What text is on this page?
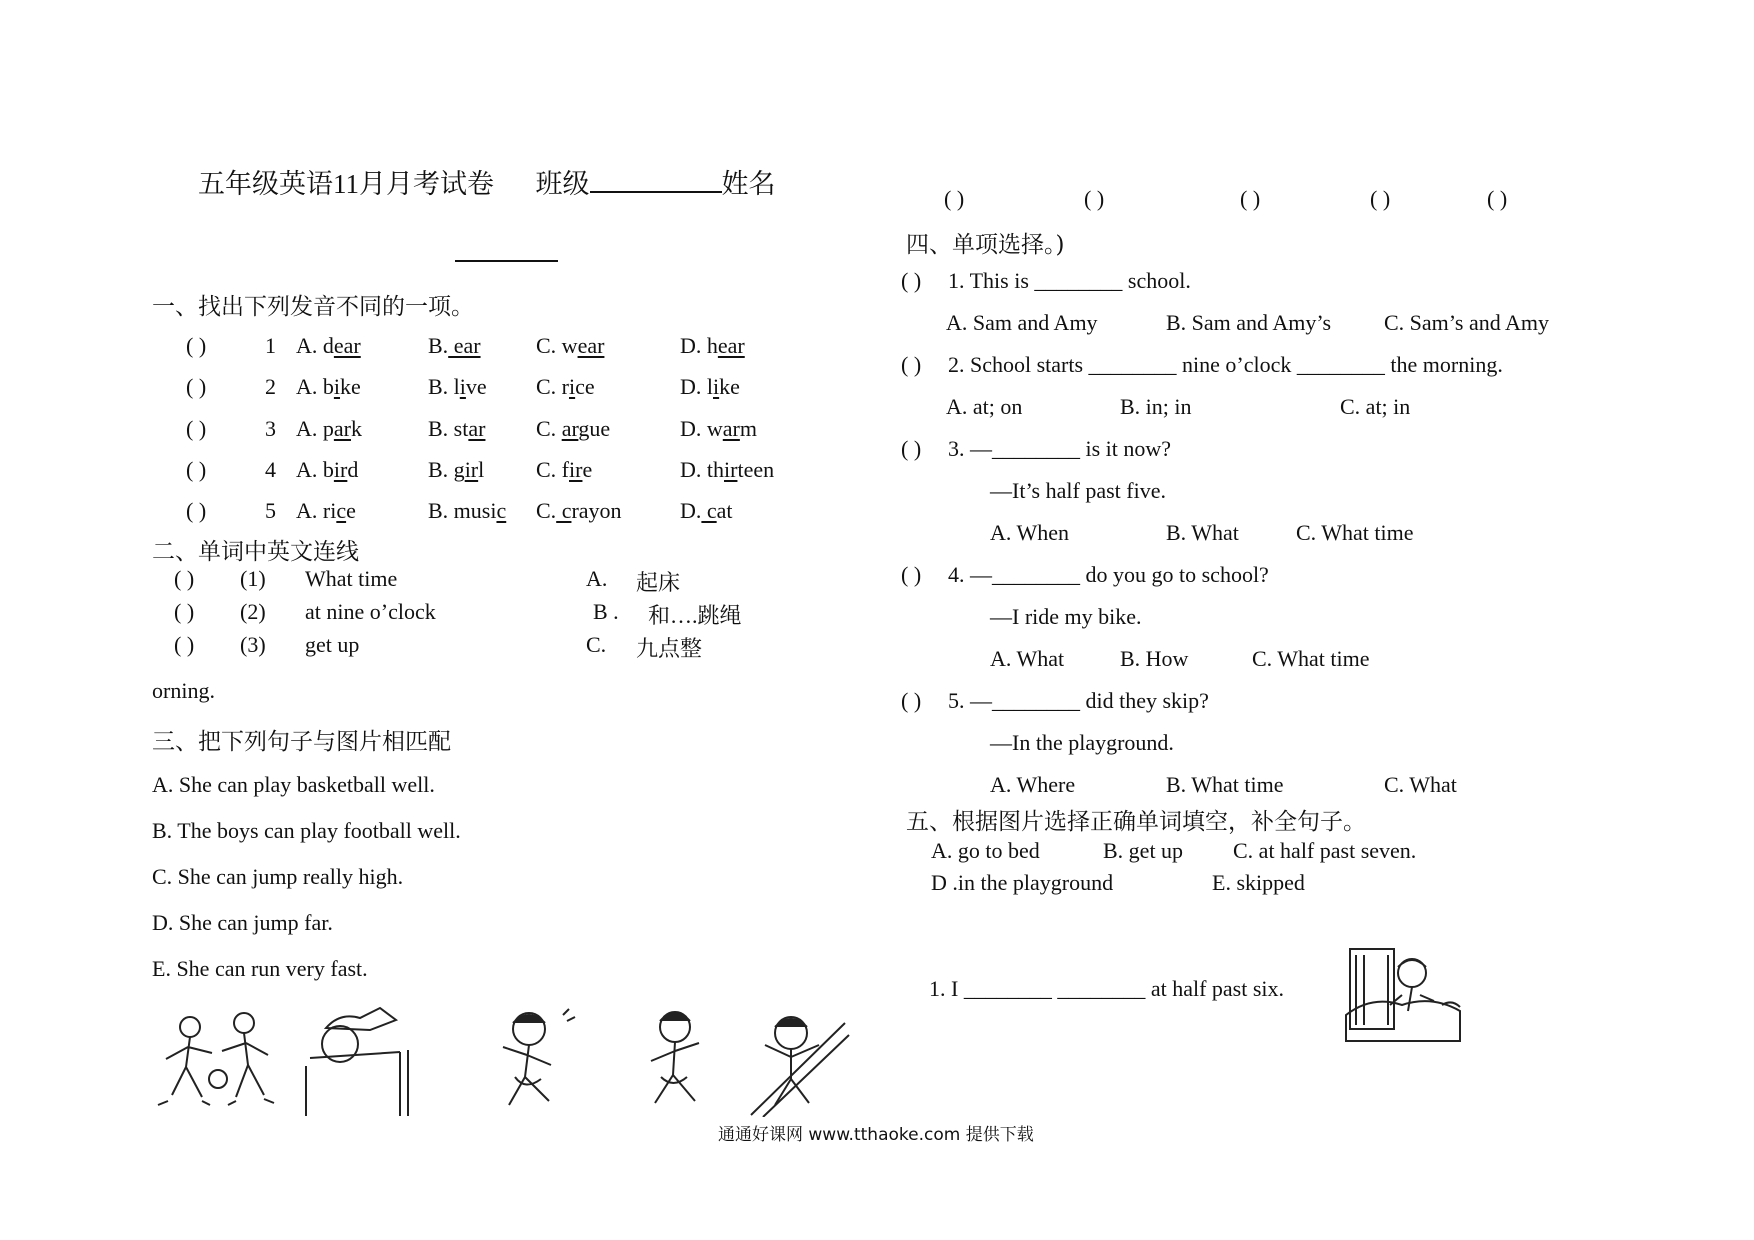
五年级英语11月月考试卷 班级	姓名
一、找出下列发音不同的一项。
( )	1 A. dear	B. ear	C. wear	D. hear
( )	2 A. bike	B. live C. rice	D. like
( )	3 A. park	B. star C. argue	D. warm
( )	4 A. bird	B. girl C. fire	D. thirteen
( )	5 A. rice	B. music C. crayon	D. cat
二、单词中英文连线
( ) (1) What time	A. 起床
( ) (2) at nine o’clock	B . 和….跳绳
( ) (3) get up	C. 九点整
orning.
三、把下列句子与图片相匹配
A. She can play basketball well.
B. The boys can play football well.
C. She can jump really high.
D. She can jump far.
E. She can run very fast.
( )	( )	( )	( )	( )
四、单项选择。)
( ) 1. This is ________ school.
A. Sam and Amy	B. Sam and Amy’s C. Sam’s and Amy
( ) 2. School starts ________ nine o’clock ________ the morning.
A. at; on	B. in; in	C. at; in
( ) 3. —________ is it now?
—It’s half past five.
A. When	B. What	C. What time
( ) 4. —________ do you go to school?
—I ride my bike.
A. What	B. How	C. What time
( ) 5. —________ did they skip?
—In the playground.
A. Where	B. What time	C. What
五、根据图片选择正确单词填空，补全句子。
A. go to bed	B. get up C. at half past seven.
D .in the playground	E. skipped
1. I ________ ________ at half past six.
通通好课网 www.tthaoke.com 提供下载
